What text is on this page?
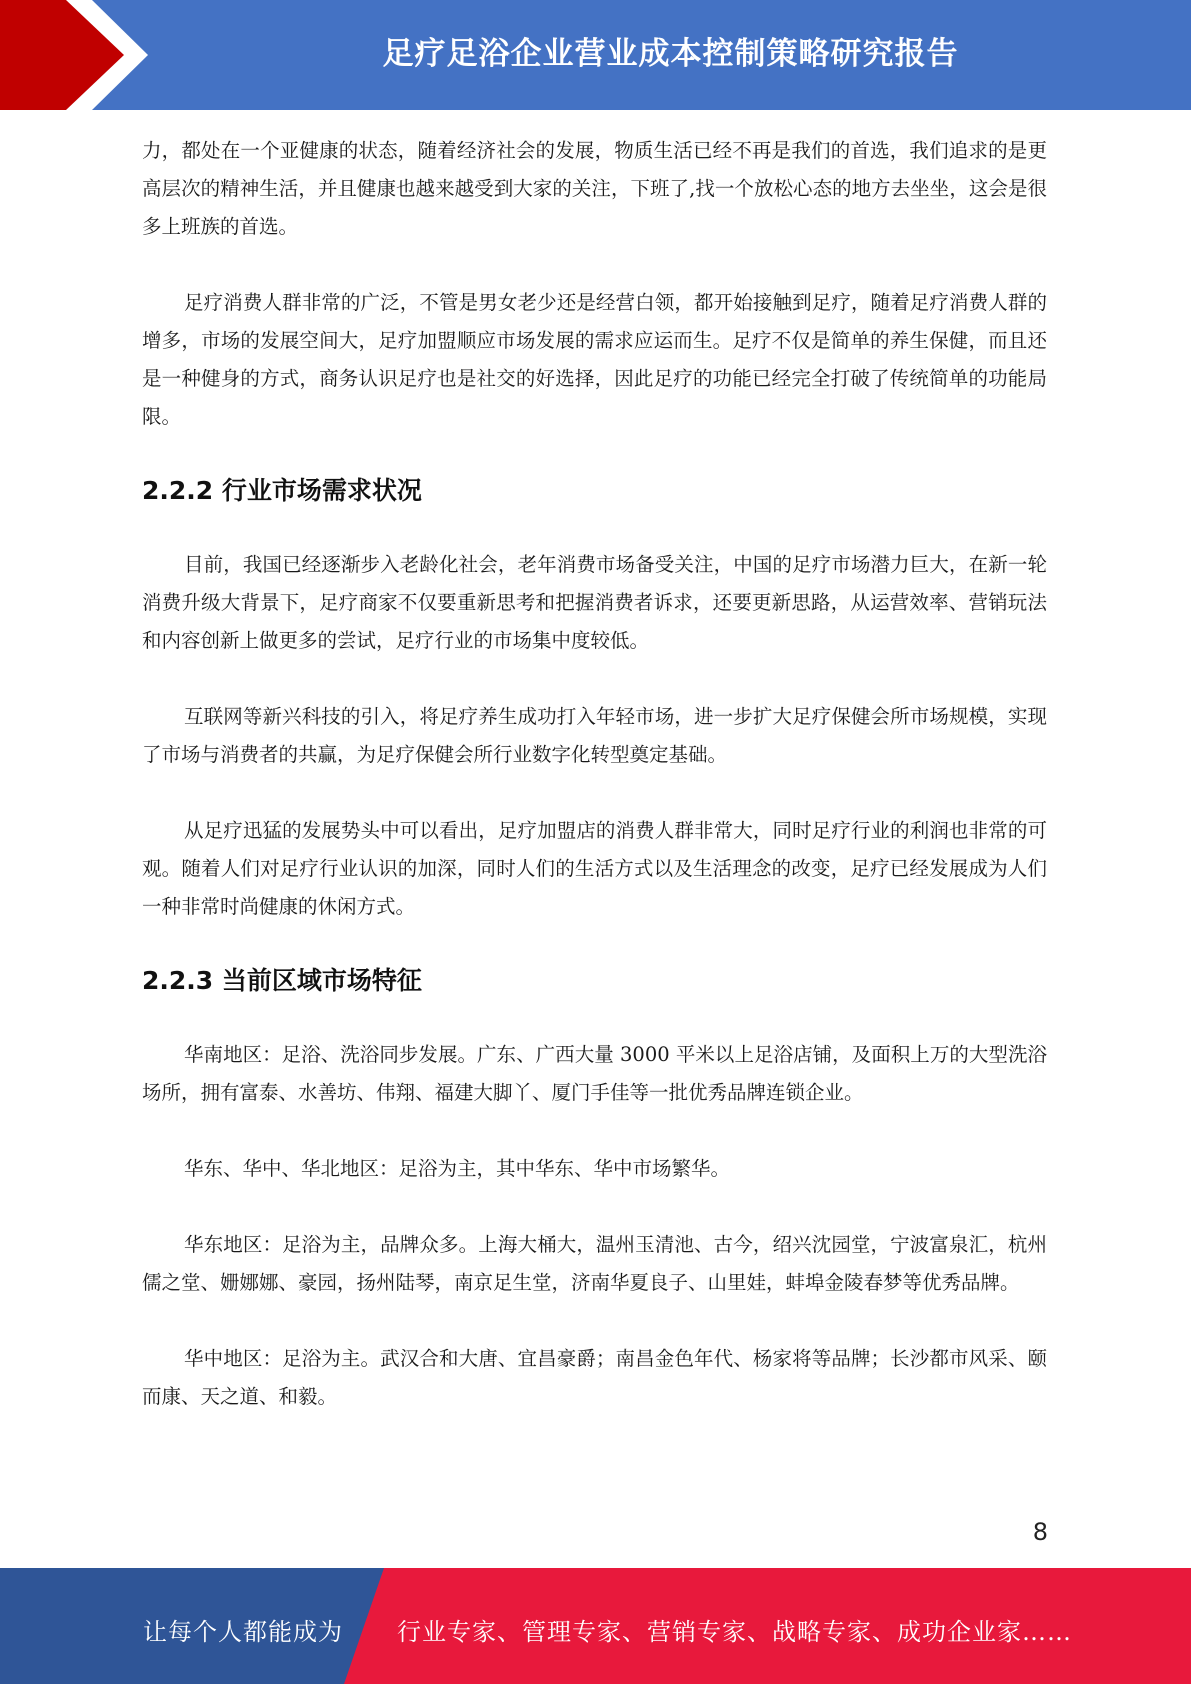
足疗足浴企业营业成本控制策略研究报告

力，都处在一个亚健康的状态，随着经济社会的发展，物质生活已经不再是我们的首选，我们追求的是更高层次的精神生活，并且健康也越来越受到大家的关注，下班了,找一个放松心态的地方去坐坐，这会是很多上班族的首选。

足疗消费人群非常的广泛，不管是男女老少还是经营白领，都开始接触到足疗，随着足疗消费人群的增多，市场的发展空间大，足疗加盟顺应市场发展的需求应运而生。足疗不仅是简单的养生保健，而且还是一种健身的方式，商务认识足疗也是社交的好选择，因此足疗的功能已经完全打破了传统简单的功能局限。

2.2.2 行业市场需求状况

目前，我国已经逐渐步入老龄化社会，老年消费市场备受关注，中国的足疗市场潜力巨大，在新一轮消费升级大背景下，足疗商家不仅要重新思考和把握消费者诉求，还要更新思路，从运营效率、营销玩法和内容创新上做更多的尝试，足疗行业的市场集中度较低。

互联网等新兴科技的引入，将足疗养生成功打入年轻市场，进一步扩大足疗保健会所市场规模，实现了市场与消费者的共赢，为足疗保健会所行业数字化转型奠定基础。

从足疗迅猛的发展势头中可以看出，足疗加盟店的消费人群非常大，同时足疗行业的利润也非常的可观。随着人们对足疗行业认识的加深，同时人们的生活方式以及生活理念的改变，足疗已经发展成为人们一种非常时尚健康的休闲方式。

2.2.3 当前区域市场特征

华南地区：足浴、洗浴同步发展。广东、广西大量 3000 平米以上足浴店铺，及面积上万的大型洗浴场所，拥有富泰、水善坊、伟翔、福建大脚丫、厦门手佳等一批优秀品牌连锁企业。

华东、华中、华北地区：足浴为主，其中华东、华中市场繁华。

华东地区：足浴为主，品牌众多。上海大桶大，温州玉清池、古今，绍兴沈园堂，宁波富泉汇，杭州儒之堂、姗娜娜、豪园，扬州陆琴，南京足生堂，济南华夏良子、山里娃，蚌埠金陵春梦等优秀品牌。

华中地区：足浴为主。武汉合和大唐、宜昌豪爵；南昌金色年代、杨家将等品牌；长沙都市风采、颐而康、天之道、和毅。

8
让每个人都能成为 行业专家、管理专家、营销专家、战略专家、成功企业家……
